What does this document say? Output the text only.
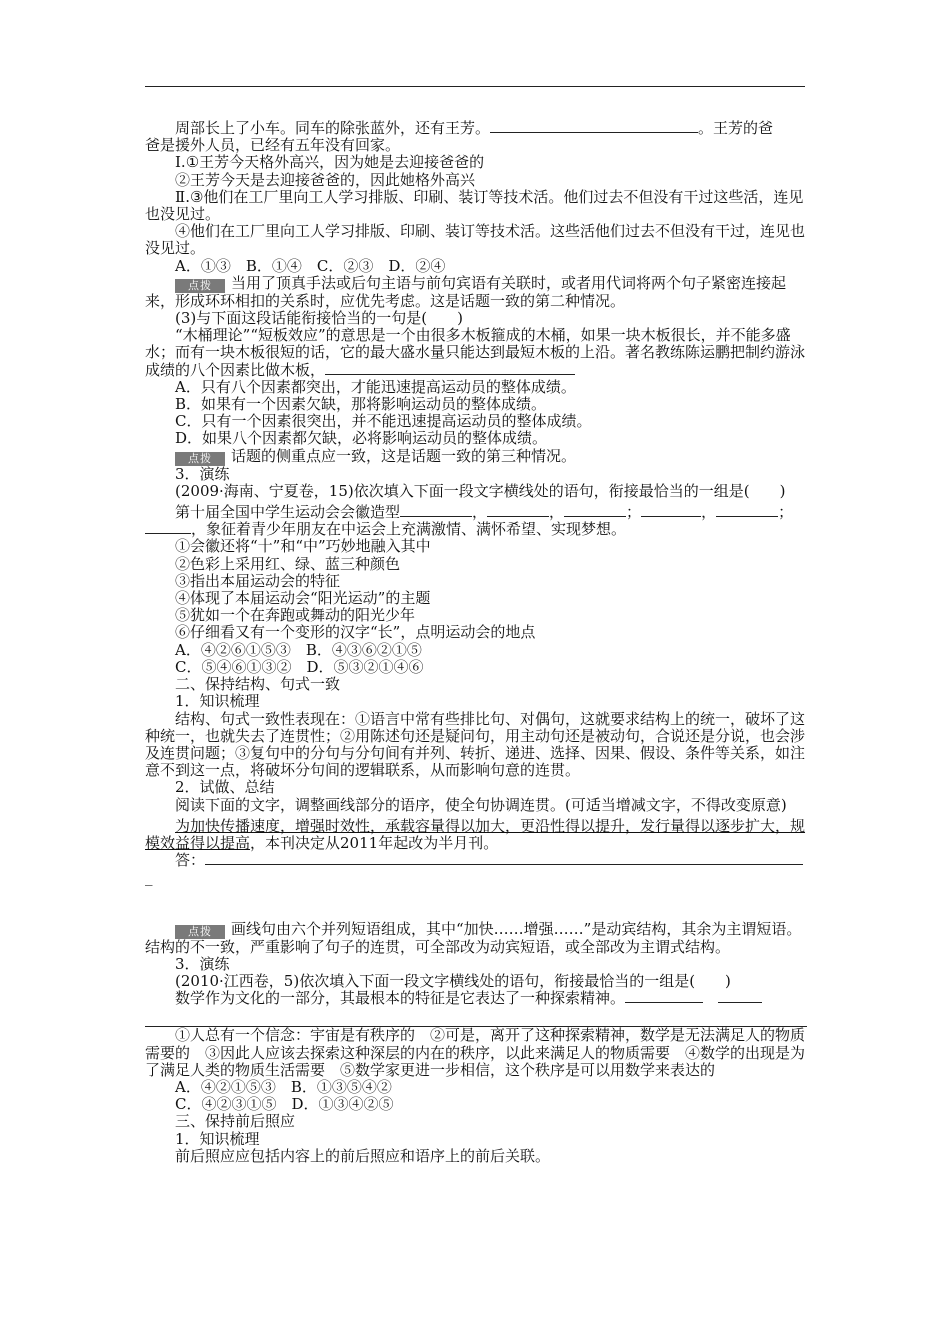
周部长上了小车。同车的除张蓝外，还有王芳。	。王芳的爸

爸是援外人员，已经有五年没有回家。

Ⅰ.①王芳今天格外高兴，因为她是去迎接爸爸的

②王芳今天是去迎接爸爸的，因此她格外高兴

Ⅱ.③他们在工厂里向工人学习排版、印刷、装订等技术活。他们过去不但没有干过这些活，连见也没见过。

④他们在工厂里向工人学习排版、印刷、装订等技术活。这些活他们过去不但没有干过，连见也没见过。

A．①③　B．①④　C．②③　D．②④

点拨 当用了顶真手法或后句主语与前句宾语有关联时，或者用代词将两个句子紧密连接起来，形成环环相扣的关系时，应优先考虑。这是话题一致的第二种情况。

(3)与下面这段话能衔接恰当的一句是(　　)

“木桶理论”“短板效应”的意思是一个由很多木板箍成的木桶，如果一块木板很长，并不能多盛水；而有一块木板很短的话，它的最大盛水量只能达到最短木板的上沿。著名教练陈运鹏把制约游泳成绩的八个因素比做木板，

A．只有八个因素都突出，才能迅速提高运动员的整体成绩。

B．如果有一个因素欠缺，那将影响运动员的整体成绩。

C．只有一个因素很突出，并不能迅速提高运动员的整体成绩。

D．如果八个因素都欠缺，必将影响运动员的整体成绩。

点拨 话题的侧重点应一致，这是话题一致的第三种情况。

3．演练

(2009·海南、宁夏卷，15)依次填入下面一段文字横线处的语句，衔接最恰当的一组是(　　)

第十届全国中学生运动会会徽造型	，	，	；	，	；，象征着青少年朋友在中运会上充满激情、满怀希望、实现梦想。

①会徽还将“十”和“中”巧妙地融入其中

②色彩上采用红、绿、蓝三种颜色

③指出本届运动会的特征

④体现了本届运动会“阳光运动”的主题

⑤犹如一个在奔跑或舞动的阳光少年

⑥仔细看又有一个变形的汉字“长”，点明运动会的地点

A．④②⑥①⑤③　B．④③⑥②①⑤

C．⑤④⑥①③②　D．⑤③②①④⑥

二、保持结构、句式一致

1．知识梳理

结构、句式一致性表现在：①语言中常有些排比句、对偶句，这就要求结构上的统一，破坏了这种统一，也就失去了连贯性；②用陈述句还是疑问句，用主动句还是被动句，合说还是分说，也会涉及连贯问题；③复句中的分句与分句间有并列、转折、递进、选择、因果、假设、条件等关系，如注意不到这一点，将破坏分句间的逻辑联系，从而影响句意的连贯。

2．试做、总结

阅读下面的文字，调整画线部分的语序，使全句协调连贯。(可适当增减文字，不得改变原意)

为加快传播速度，增强时效性，承载容量得以加大，更沿性得以提升，发行量得以逐步扩大，规模效益得以提高，本刊决定从2011年起改为半月刊。

答：

_

点拨 画线句由六个并列短语组成，其中“加快……增强……”是动宾结构，其余为主谓短语。结构的不一致，严重影响了句子的连贯，可全部改为动宾短语，或全部改为主谓式结构。

3．演练

(2010·江西卷，5)依次填入下面一段文字横线处的语句，衔接最恰当的一组是(　　)

数学作为文化的一部分，其最根本的特征是它表达了一种探索精神。　

①人总有一个信念：宇宙是有秩序的　②可是，离开了这种探索精神，数学是无法满足人的物质需要的　③因此人应该去探索这种深层的内在的秩序，以此来满足人的物质需要　④数学的出现是为了满足人类的物质生活需要　⑤数学家更进一步相信，这个秩序是可以用数学来表达的

A．④②①⑤③　B．①③⑤④②

C．④②③①⑤　D．①③④②⑤

三、保持前后照应

1．知识梳理

前后照应应包括内容上的前后照应和语序上的前后关联。
